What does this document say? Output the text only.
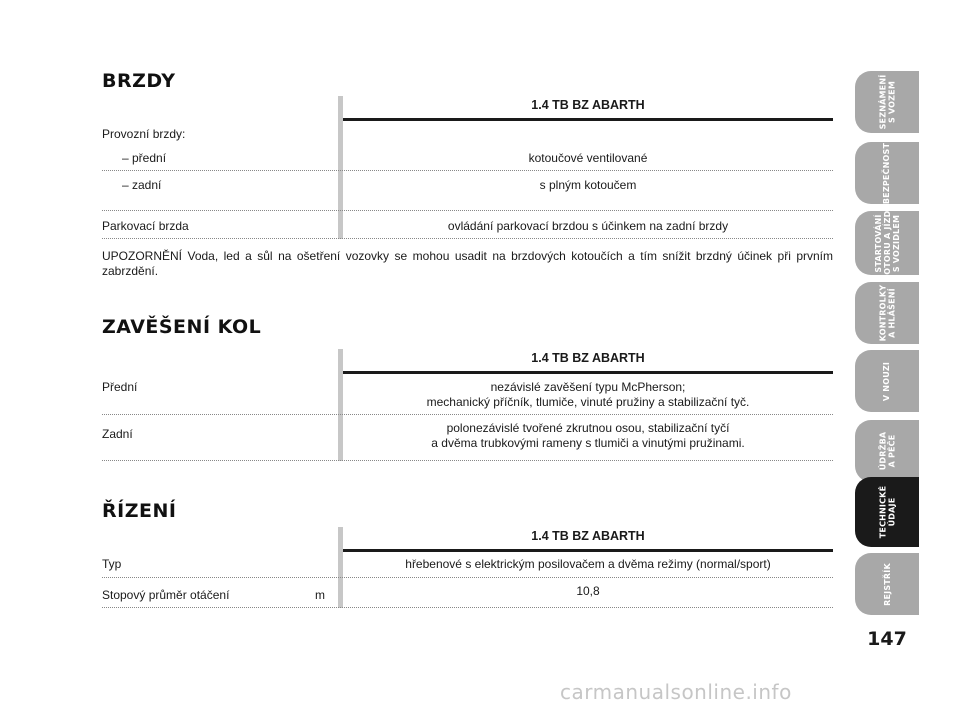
BRZDY
1.4 TB BZ ABARTH
Provozní brzdy:
– přední	kotoučové ventilované
– zadní	s plným kotoučem
Parkovací brzda	ovládání parkovací brzdou s účinkem na zadní brzdy

UPOZORNĚNÍ Voda, led a sůl na ošetření vozovky se mohou usadit na brzdových kotoučích a tím snížit brzdný účinek při prvním zabrzdění.

ZAVĚŠENÍ KOL
1.4 TB BZ ABARTH
Přední	nezávislé zavěšení typu McPherson;
mechanický příčník, tlumiče, vinuté pružiny a stabilizační tyč.
Zadní	polonezávislé tvořené zkrutnou osou, stabilizační tyčí
a dvěma trubkovými rameny s tlumiči a vinutými pružinami.
ŘÍZENÍ
1.4 TB BZ ABARTH
Typ	hřebenové s elektrickým posilovačem a dvěma režimy (normal/sport)
Stopový průměr otáčení	m	10,8
SEZNÁMENÍ
S VOZEM
BEZPEČNOST
STARTOVÁNÍ
MOTORU A JÍZDA
S VOZIDLEM
KONTROLKY
A HLÁŠENÍ
V NOUZI
ÚDRŽBA
A PÉČE
TECHNICKÉ
ÚDAJE
REJSTŘÍK

147

carmanualsonline.info
